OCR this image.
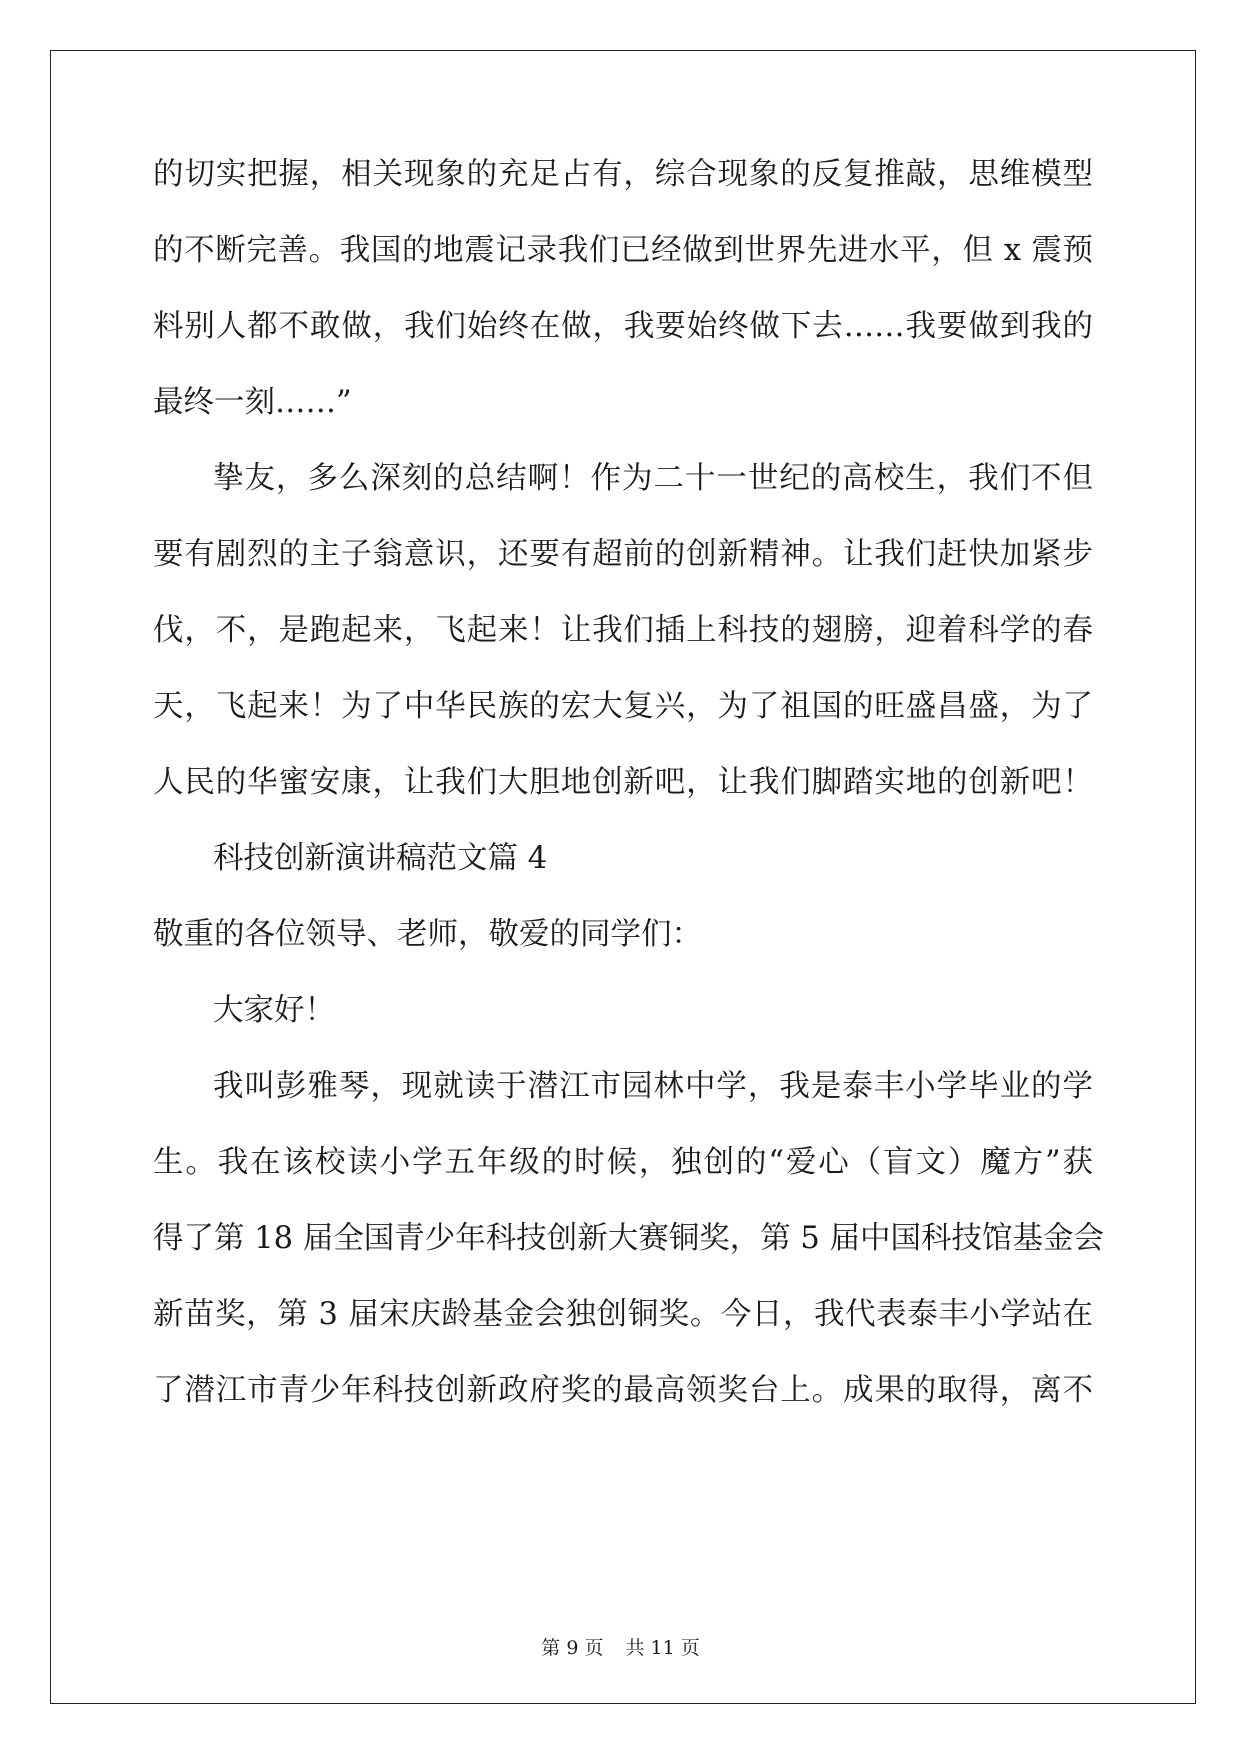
的切实把握，相关现象的充足占有，综合现象的反复推敲，思维模型
的不断完善。我国的地震记录我们已经做到世界先进水平，但 x 震预
料别人都不敢做，我们始终在做，我要始终做下去……我要做到我的
最终一刻……”
挚友，多么深刻的总结啊！作为二十一世纪的高校生，我们不但
要有剧烈的主子翁意识，还要有超前的创新精神。让我们赶快加紧步
伐，不，是跑起来，飞起来！让我们插上科技的翅膀，迎着科学的春
天，飞起来！为了中华民族的宏大复兴，为了祖国的旺盛昌盛，为了
人民的华蜜安康，让我们大胆地创新吧，让我们脚踏实地的创新吧！
科技创新演讲稿范文篇 4
敬重的各位领导、老师，敬爱的同学们：
大家好！
我叫彭雅琴，现就读于潜江市园林中学，我是泰丰小学毕业的学
生。我在该校读小学五年级的时候，独创的“爱心（盲文）魔方”获
得了第 18 届全国青少年科技创新大赛铜奖，第 5 届中国科技馆基金会
新苗奖，第 3 届宋庆龄基金会独创铜奖。今日，我代表泰丰小学站在
了潜江市青少年科技创新政府奖的最高领奖台上。成果的取得，离不
第 9 页 共 11 页
